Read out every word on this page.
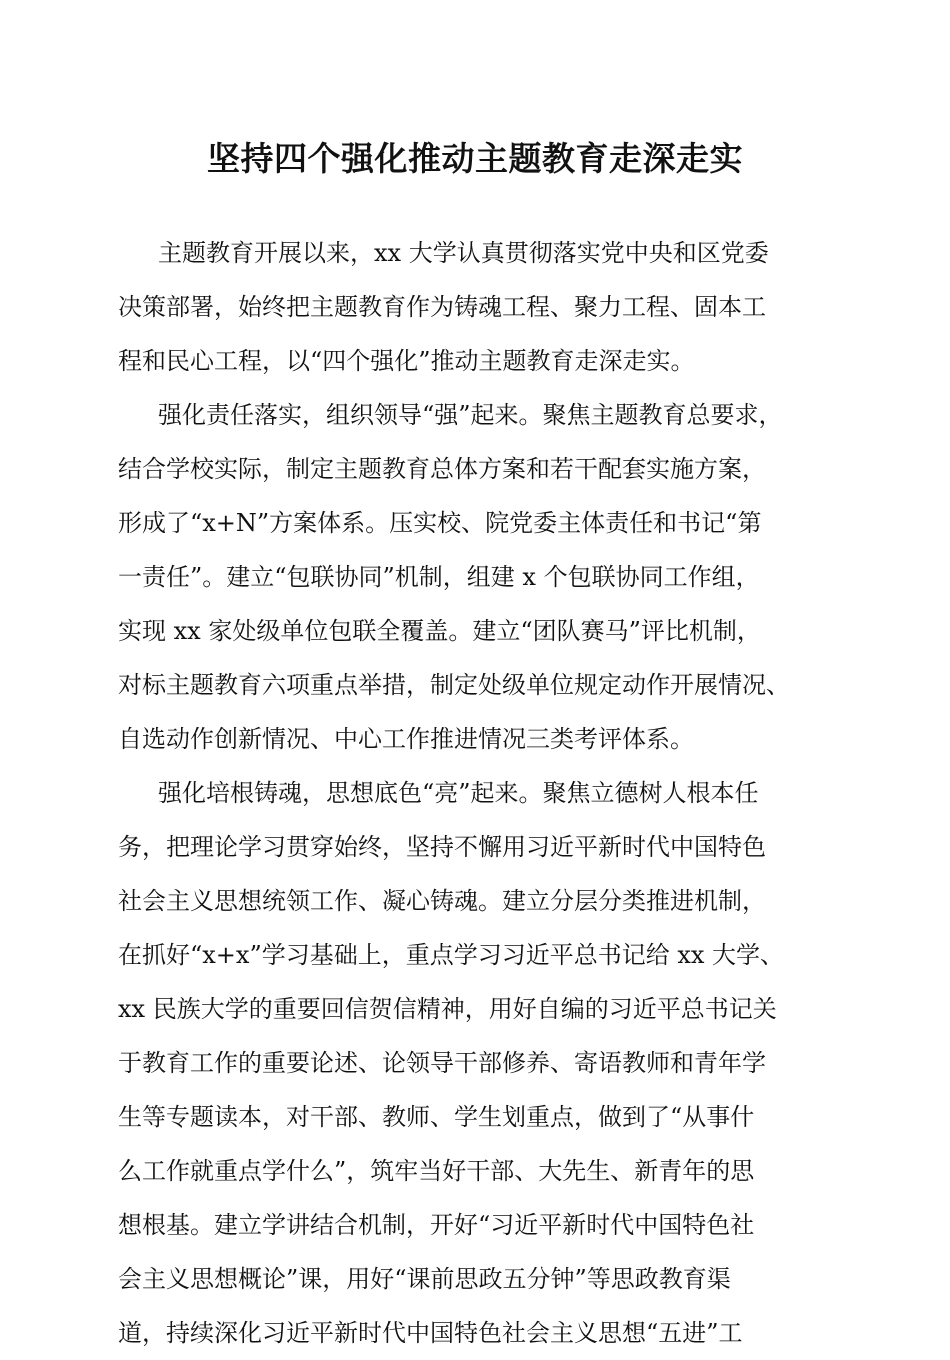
坚持四个强化推动主题教育走深走实
主题教育开展以来，xx 大学认真贯彻落实党中央和区党委
决策部署，始终把主题教育作为铸魂工程、聚力工程、固本工
程和民心工程，以“四个强化”推动主题教育走深走实。
强化责任落实，组织领导“强”起来。聚焦主题教育总要求，
结合学校实际，制定主题教育总体方案和若干配套实施方案，
形成了“x+N”方案体系。压实校、院党委主体责任和书记“第
一责任”。建立“包联协同”机制，组建 x 个包联协同工作组，
实现 xx 家处级单位包联全覆盖。建立“团队赛马”评比机制，
对标主题教育六项重点举措，制定处级单位规定动作开展情况、
自选动作创新情况、中心工作推进情况三类考评体系。
强化培根铸魂，思想底色“亮”起来。聚焦立德树人根本任
务，把理论学习贯穿始终，坚持不懈用习近平新时代中国特色
社会主义思想统领工作、凝心铸魂。建立分层分类推进机制，
在抓好“x+x”学习基础上，重点学习习近平总书记给 xx 大学、
xx 民族大学的重要回信贺信精神，用好自编的习近平总书记关
于教育工作的重要论述、论领导干部修养、寄语教师和青年学
生等专题读本，对干部、教师、学生划重点，做到了“从事什
么工作就重点学什么”，筑牢当好干部、大先生、新青年的思
想根基。建立学讲结合机制，开好“习近平新时代中国特色社
会主义思想概论”课，用好“课前思政五分钟”等思政教育渠
道，持续深化习近平新时代中国特色社会主义思想“五进”工
